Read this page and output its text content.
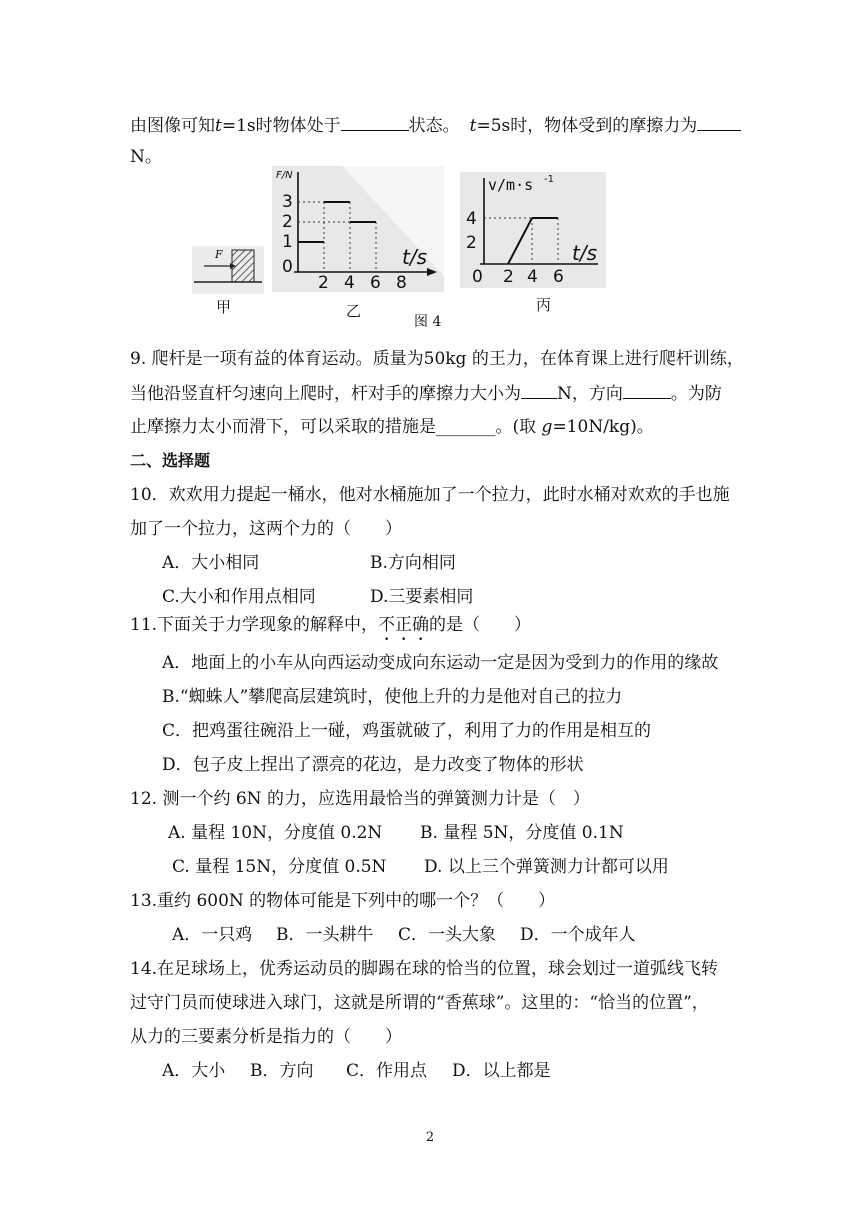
由图像可知t=1s时物体处于	状态。 t=5s时，物体受到的摩擦力为
N。
F
甲
F/N
3
2
1
0
2 4 6 8
t/s
乙
图 4
v/m·s -1
4
2
0 2 4 6
t/s
丙
9. 爬杆是一项有益的体育运动。质量为50kg 的王力，在体育课上进行爬杆训练，
当他沿竖直杆匀速向上爬时，杆对手的摩擦力大小为 N，方向	。为防
止摩擦力太小而滑下，可以采取的措施是_______。(取 g=10N/kg)。
二、选择题
10．欢欢用力提起一桶水，他对水桶施加了一个拉力，此时水桶对欢欢的手也施
加了一个拉力，这两个力的（　　）
A．大小相同	B.方向相同
C.大小和作用点相同	D.三要素相同
11.下面关于力学现象的解释中，不正确的是（　　）
A．地面上的小车从向西运动变成向东运动一定是因为受到力的作用的缘故
B.“蜘蛛人”攀爬高层建筑时，使他上升的力是他对自己的拉力
C．把鸡蛋往碗沿上一碰，鸡蛋就破了，利用了力的作用是相互的
D．包子皮上捏出了漂亮的花边，是力改变了物体的形状
12. 测一个约 6N 的力，应选用最恰当的弹簧测力计是（　）
A. 量程 10N，分度值 0.2N B. 量程 5N，分度值 0.1N
C. 量程 15N，分度值 0.5N D. 以上三个弹簧测力计都可以用
13.重约 600N 的物体可能是下列中的哪一个？（　　）
A．一只鸡 B．一头耕牛 C．一头大象 D．一个成年人
14.在足球场上，优秀运动员的脚踢在球的恰当的位置，球会划过一道弧线飞转
过守门员而使球进入球门，这就是所谓的“香蕉球”。这里的：“恰当的位置”，
从力的三要素分析是指力的（　　）
A．大小 B．方向 C．作用点 D．以上都是
2
